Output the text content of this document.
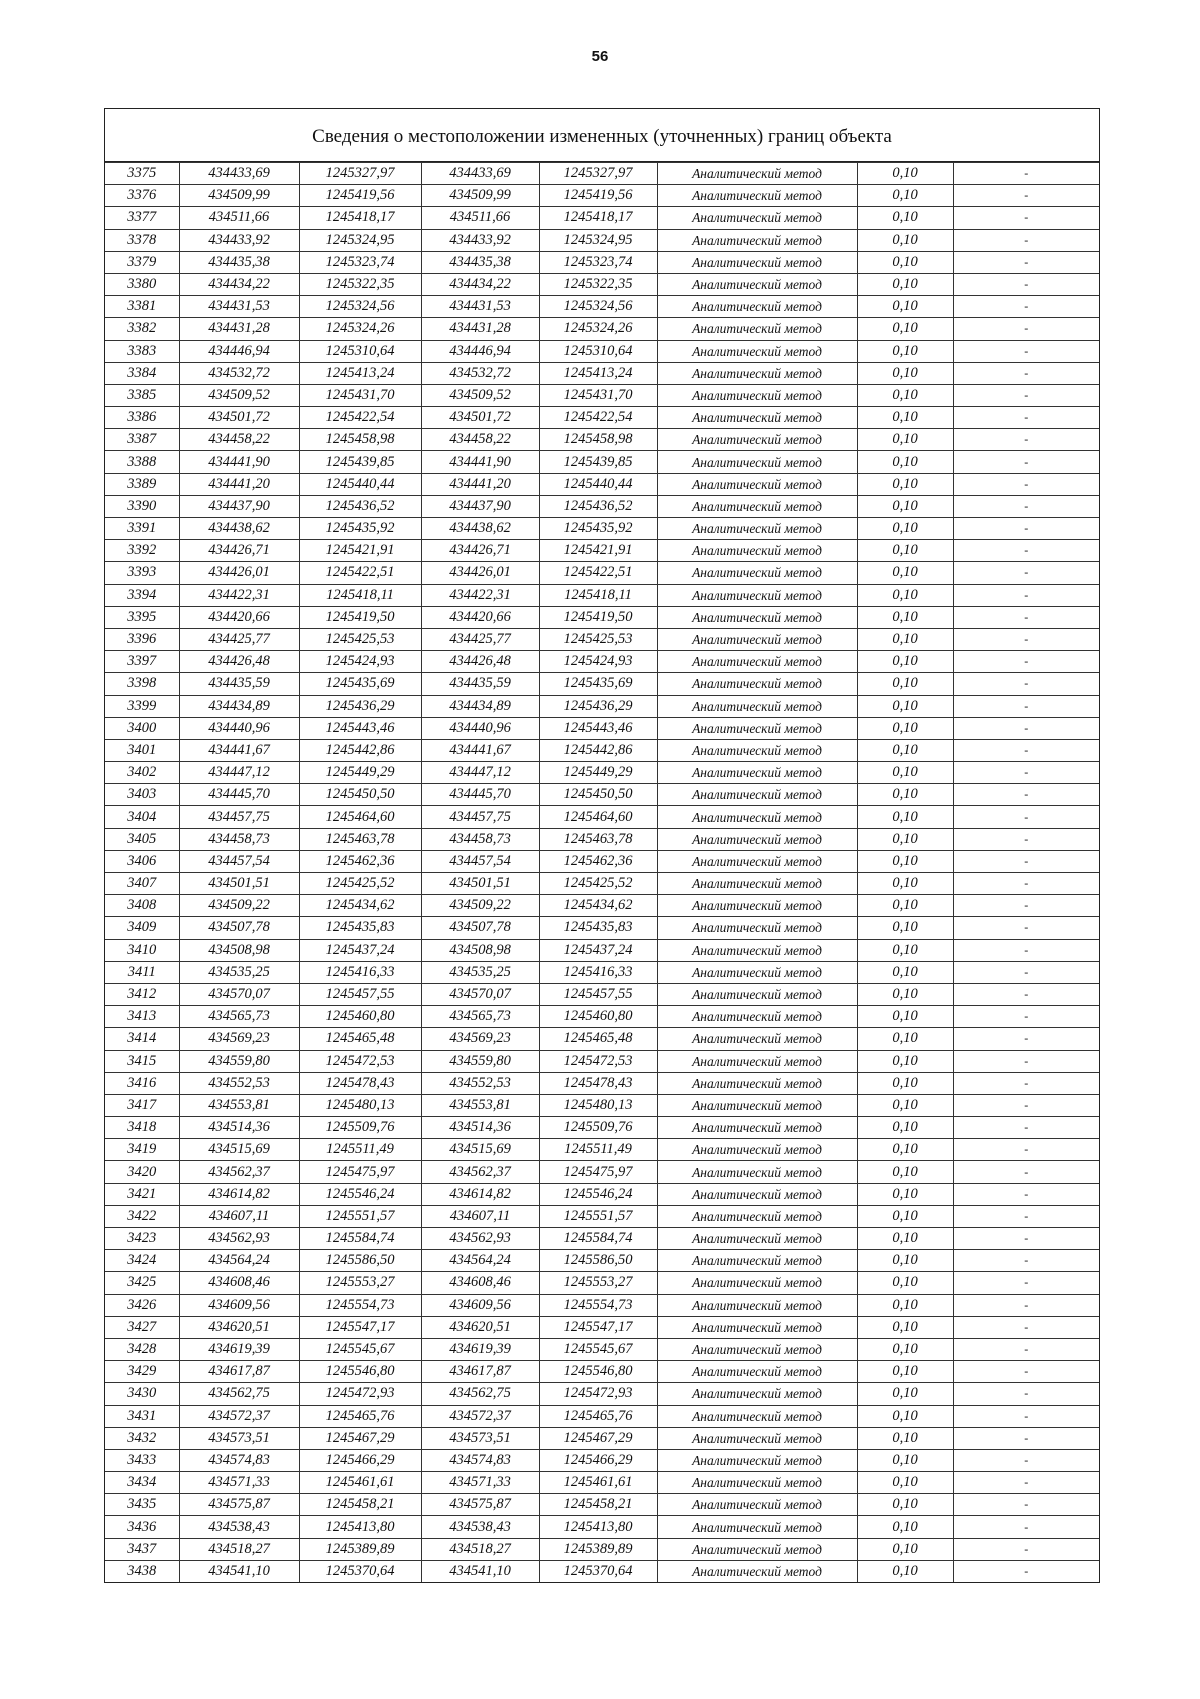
56
Сведения о местоположении измененных (уточненных) границ объекта
3375	434433,69	1245327,97	434433,69	1245327,97	Аналитический метод	0,10	-
3376	434509,99	1245419,56	434509,99	1245419,56	Аналитический метод	0,10	-
3377	434511,66	1245418,17	434511,66	1245418,17	Аналитический метод	0,10	-
3378	434433,92	1245324,95	434433,92	1245324,95	Аналитический метод	0,10	-
3379	434435,38	1245323,74	434435,38	1245323,74	Аналитический метод	0,10	-
3380	434434,22	1245322,35	434434,22	1245322,35	Аналитический метод	0,10	-
3381	434431,53	1245324,56	434431,53	1245324,56	Аналитический метод	0,10	-
3382	434431,28	1245324,26	434431,28	1245324,26	Аналитический метод	0,10	-
3383	434446,94	1245310,64	434446,94	1245310,64	Аналитический метод	0,10	-
3384	434532,72	1245413,24	434532,72	1245413,24	Аналитический метод	0,10	-
3385	434509,52	1245431,70	434509,52	1245431,70	Аналитический метод	0,10	-
3386	434501,72	1245422,54	434501,72	1245422,54	Аналитический метод	0,10	-
3387	434458,22	1245458,98	434458,22	1245458,98	Аналитический метод	0,10	-
3388	434441,90	1245439,85	434441,90	1245439,85	Аналитический метод	0,10	-
3389	434441,20	1245440,44	434441,20	1245440,44	Аналитический метод	0,10	-
3390	434437,90	1245436,52	434437,90	1245436,52	Аналитический метод	0,10	-
3391	434438,62	1245435,92	434438,62	1245435,92	Аналитический метод	0,10	-
3392	434426,71	1245421,91	434426,71	1245421,91	Аналитический метод	0,10	-
3393	434426,01	1245422,51	434426,01	1245422,51	Аналитический метод	0,10	-
3394	434422,31	1245418,11	434422,31	1245418,11	Аналитический метод	0,10	-
3395	434420,66	1245419,50	434420,66	1245419,50	Аналитический метод	0,10	-
3396	434425,77	1245425,53	434425,77	1245425,53	Аналитический метод	0,10	-
3397	434426,48	1245424,93	434426,48	1245424,93	Аналитический метод	0,10	-
3398	434435,59	1245435,69	434435,59	1245435,69	Аналитический метод	0,10	-
3399	434434,89	1245436,29	434434,89	1245436,29	Аналитический метод	0,10	-
3400	434440,96	1245443,46	434440,96	1245443,46	Аналитический метод	0,10	-
3401	434441,67	1245442,86	434441,67	1245442,86	Аналитический метод	0,10	-
3402	434447,12	1245449,29	434447,12	1245449,29	Аналитический метод	0,10	-
3403	434445,70	1245450,50	434445,70	1245450,50	Аналитический метод	0,10	-
3404	434457,75	1245464,60	434457,75	1245464,60	Аналитический метод	0,10	-
3405	434458,73	1245463,78	434458,73	1245463,78	Аналитический метод	0,10	-
3406	434457,54	1245462,36	434457,54	1245462,36	Аналитический метод	0,10	-
3407	434501,51	1245425,52	434501,51	1245425,52	Аналитический метод	0,10	-
3408	434509,22	1245434,62	434509,22	1245434,62	Аналитический метод	0,10	-
3409	434507,78	1245435,83	434507,78	1245435,83	Аналитический метод	0,10	-
3410	434508,98	1245437,24	434508,98	1245437,24	Аналитический метод	0,10	-
3411	434535,25	1245416,33	434535,25	1245416,33	Аналитический метод	0,10	-
3412	434570,07	1245457,55	434570,07	1245457,55	Аналитический метод	0,10	-
3413	434565,73	1245460,80	434565,73	1245460,80	Аналитический метод	0,10	-
3414	434569,23	1245465,48	434569,23	1245465,48	Аналитический метод	0,10	-
3415	434559,80	1245472,53	434559,80	1245472,53	Аналитический метод	0,10	-
3416	434552,53	1245478,43	434552,53	1245478,43	Аналитический метод	0,10	-
3417	434553,81	1245480,13	434553,81	1245480,13	Аналитический метод	0,10	-
3418	434514,36	1245509,76	434514,36	1245509,76	Аналитический метод	0,10	-
3419	434515,69	1245511,49	434515,69	1245511,49	Аналитический метод	0,10	-
3420	434562,37	1245475,97	434562,37	1245475,97	Аналитический метод	0,10	-
3421	434614,82	1245546,24	434614,82	1245546,24	Аналитический метод	0,10	-
3422	434607,11	1245551,57	434607,11	1245551,57	Аналитический метод	0,10	-
3423	434562,93	1245584,74	434562,93	1245584,74	Аналитический метод	0,10	-
3424	434564,24	1245586,50	434564,24	1245586,50	Аналитический метод	0,10	-
3425	434608,46	1245553,27	434608,46	1245553,27	Аналитический метод	0,10	-
3426	434609,56	1245554,73	434609,56	1245554,73	Аналитический метод	0,10	-
3427	434620,51	1245547,17	434620,51	1245547,17	Аналитический метод	0,10	-
3428	434619,39	1245545,67	434619,39	1245545,67	Аналитический метод	0,10	-
3429	434617,87	1245546,80	434617,87	1245546,80	Аналитический метод	0,10	-
3430	434562,75	1245472,93	434562,75	1245472,93	Аналитический метод	0,10	-
3431	434572,37	1245465,76	434572,37	1245465,76	Аналитический метод	0,10	-
3432	434573,51	1245467,29	434573,51	1245467,29	Аналитический метод	0,10	-
3433	434574,83	1245466,29	434574,83	1245466,29	Аналитический метод	0,10	-
3434	434571,33	1245461,61	434571,33	1245461,61	Аналитический метод	0,10	-
3435	434575,87	1245458,21	434575,87	1245458,21	Аналитический метод	0,10	-
3436	434538,43	1245413,80	434538,43	1245413,80	Аналитический метод	0,10	-
3437	434518,27	1245389,89	434518,27	1245389,89	Аналитический метод	0,10	-
3438	434541,10	1245370,64	434541,10	1245370,64	Аналитический метод	0,10	-
